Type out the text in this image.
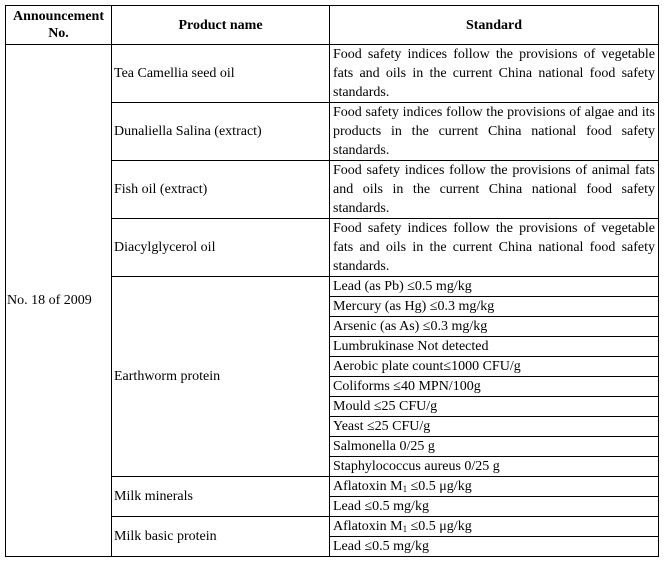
Announcement No.	Product name	Standard
No. 18 of 2009	Tea Camellia seed oil	Food safety indices follow the provisions of vegetable fats and oils in the current China national food safety standards.
	Dunaliella Salina (extract)	Food safety indices follow the provisions of algae and its products in the current China national food safety standards.
	Fish oil (extract)	Food safety indices follow the provisions of animal fats and oils in the current China national food safety standards.
	Diacylglycerol oil	Food safety indices follow the provisions of vegetable fats and oils in the current China national food safety standards.
	Earthworm protein	Lead (as Pb) ≤0.5 mg/kg
		Mercury (as Hg) ≤0.3 mg/kg
		Arsenic (as As) ≤0.3 mg/kg
		Lumbrukinase Not detected
		Aerobic plate count≤1000 CFU/g
		Coliforms ≤40 MPN/100g
		Mould ≤25 CFU/g
		Yeast ≤25 CFU/g
		Salmonella 0/25 g
		Staphylococcus aureus 0/25 g
	Milk minerals	Aflatoxin $M_1 \le 0.5$ μg/kg
		Lead ≤0.5 mg/kg
	Milk basic protein	Aflatoxin $M_1 \le 0.5$ μg/kg
		Lead ≤0.5 mg/kg
